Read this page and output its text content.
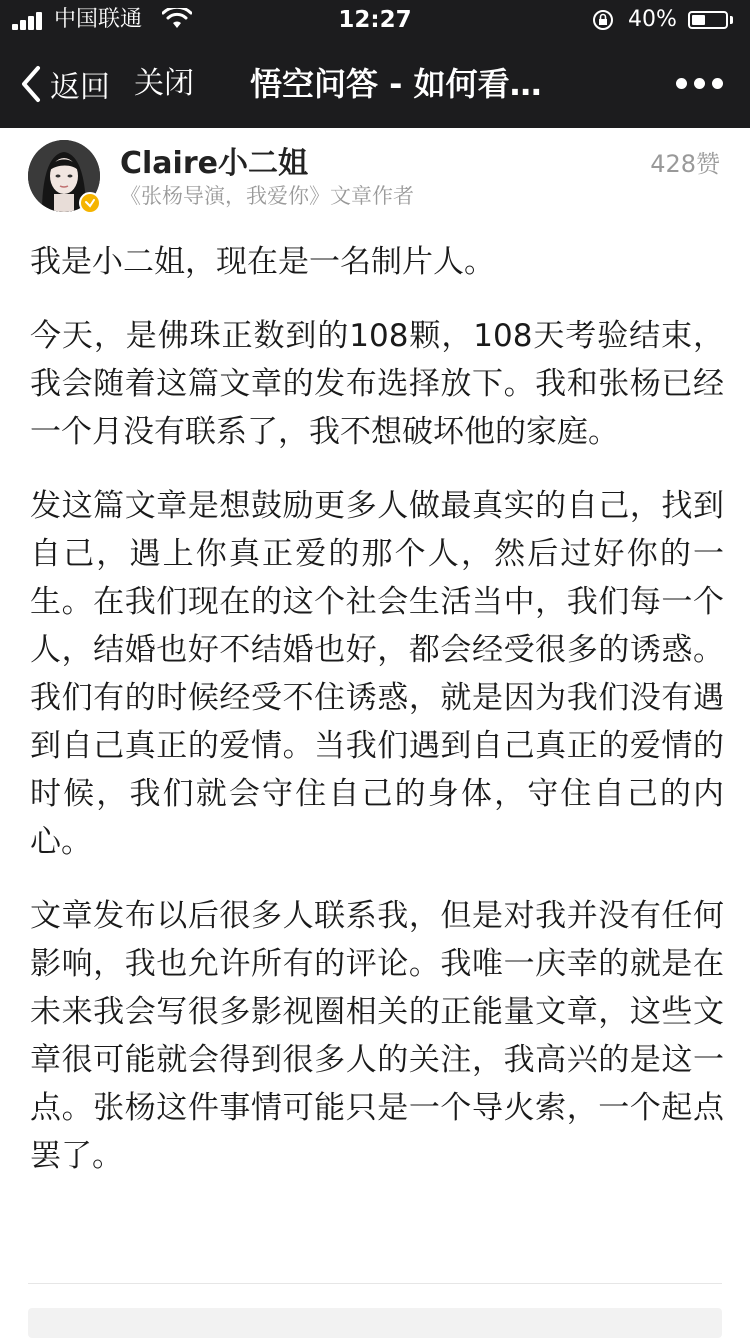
中国联通	12:27	40%
返回 关闭 悟空问答 - 如何看…
Claire小二姐
《张杨导演，我爱你》文章作者
428赞

我是小二姐，现在是一名制片人。

今天，是佛珠正数到的108颗，108天考验结束，我会随着这篇文章的发布选择放下。我和张杨已经一个月没有联系了，我不想破坏他的家庭。

发这篇文章是想鼓励更多人做最真实的自己，找到自己，遇上你真正爱的那个人，然后过好你的一生。在我们现在的这个社会生活当中，我们每一个人，结婚也好不结婚也好，都会经受很多的诱惑。我们有的时候经受不住诱惑，就是因为我们没有遇到自己真正的爱情。当我们遇到自己真正的爱情的时候，我们就会守住自己的身体，守住自己的内心。

文章发布以后很多人联系我，但是对我并没有任何影响，我也允许所有的评论。我唯一庆幸的就是在未来我会写很多影视圈相关的正能量文章，这些文章很可能就会得到很多人的关注，我高兴的是这一点。张杨这件事情可能只是一个导火索，一个起点罢了。
